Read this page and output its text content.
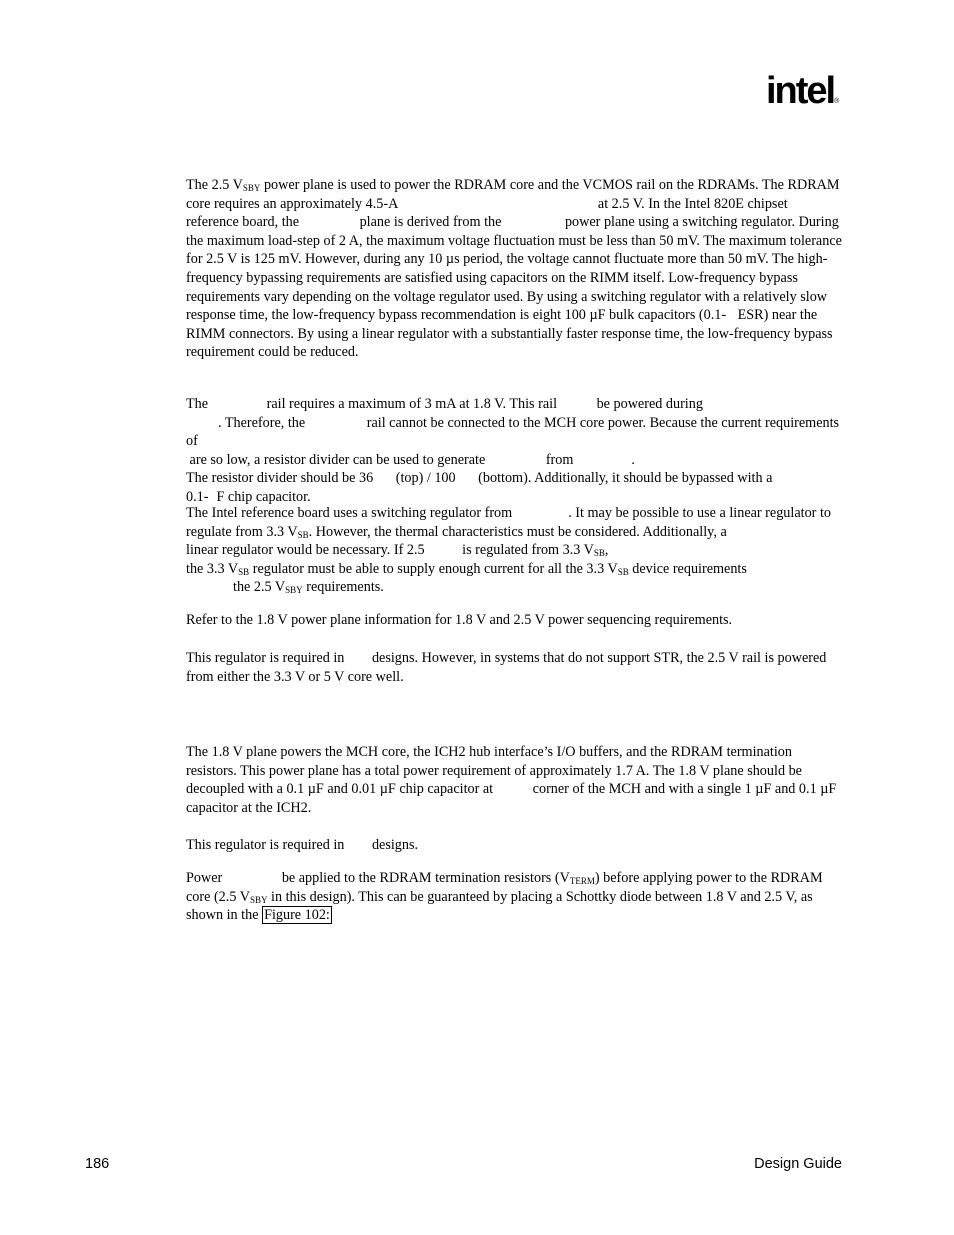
intel®

The 2.5 $V_{SBY}$ power plane is used to power the RDRAM core and the VCMOS rail on the RDRAMs. The RDRAM core requires an approximately 4.5-A	at 2.5 V. In the Intel 820E chipset reference board, the	plane is derived from the	power plane using a switching regulator. During the maximum load-step of 2 A, the maximum voltage fluctuation must be less than 50 mV. The maximum tolerance for 2.5 V is 125 mV. However, during any 10 µs period, the voltage cannot fluctuate more than 50 mV. The high-frequency bypassing requirements are satisfied using capacitors on the RIMM itself. Low-frequency bypass requirements vary depending on the voltage regulator used. By using a switching regulator with a relatively slow response time, the low-frequency bypass recommendation is eight 100 µF bulk capacitors (0.1- ESR) near the RIMM connectors. By using a linear regulator with a substantially faster response time, the low-frequency bypass requirement could be reduced.

The	rail requires a maximum of 3 mA at 1.8 V. This rail	be powered during
. Therefore, the	rail cannot be connected to the MCH core power. Because the current requirements of
are so low, a resistor divider can be used to generate	from	.
The resistor divider should be 36 (top) / 100 (bottom). Additionally, it should be bypassed with a
0.1- F chip capacitor.

The Intel reference board uses a switching regulator from	. It may be possible to use a linear regulator to regulate from 3.3 $V_{SB}$. However, the thermal characteristics must be considered. Additionally, a linear regulator would be necessary. If 2.5 is regulated from 3.3 $V_{SB}$,
the 3.3 $V_{SB}$ regulator must be able to supply enough current for all the 3.3 $V_{SB}$ device requirements
the 2.5 $V_{SBY}$ requirements.

Refer to the 1.8 V power plane information for 1.8 V and 2.5 V power sequencing requirements.

This regulator is required in designs. However, in systems that do not support STR, the 2.5 V rail is powered from either the 3.3 V or 5 V core well.

The 1.8 V plane powers the MCH core, the ICH2 hub interface’s I/O buffers, and the RDRAM termination resistors. This power plane has a total power requirement of approximately 1.7 A. The 1.8 V plane should be decoupled with a 0.1 µF and 0.01 µF chip capacitor at	corner of the MCH and with a single 1 µF and 0.1 µF capacitor at the ICH2.

This regulator is required in designs.

Power	be applied to the RDRAM termination resistors $(V_{TERM})$ before applying power to the RDRAM core (2.5 $V_{SBY}$ in this design). This can be guaranteed by placing a Schottky diode between 1.8 V and 2.5 V, as shown in the Figure 102:

186	Design Guide
